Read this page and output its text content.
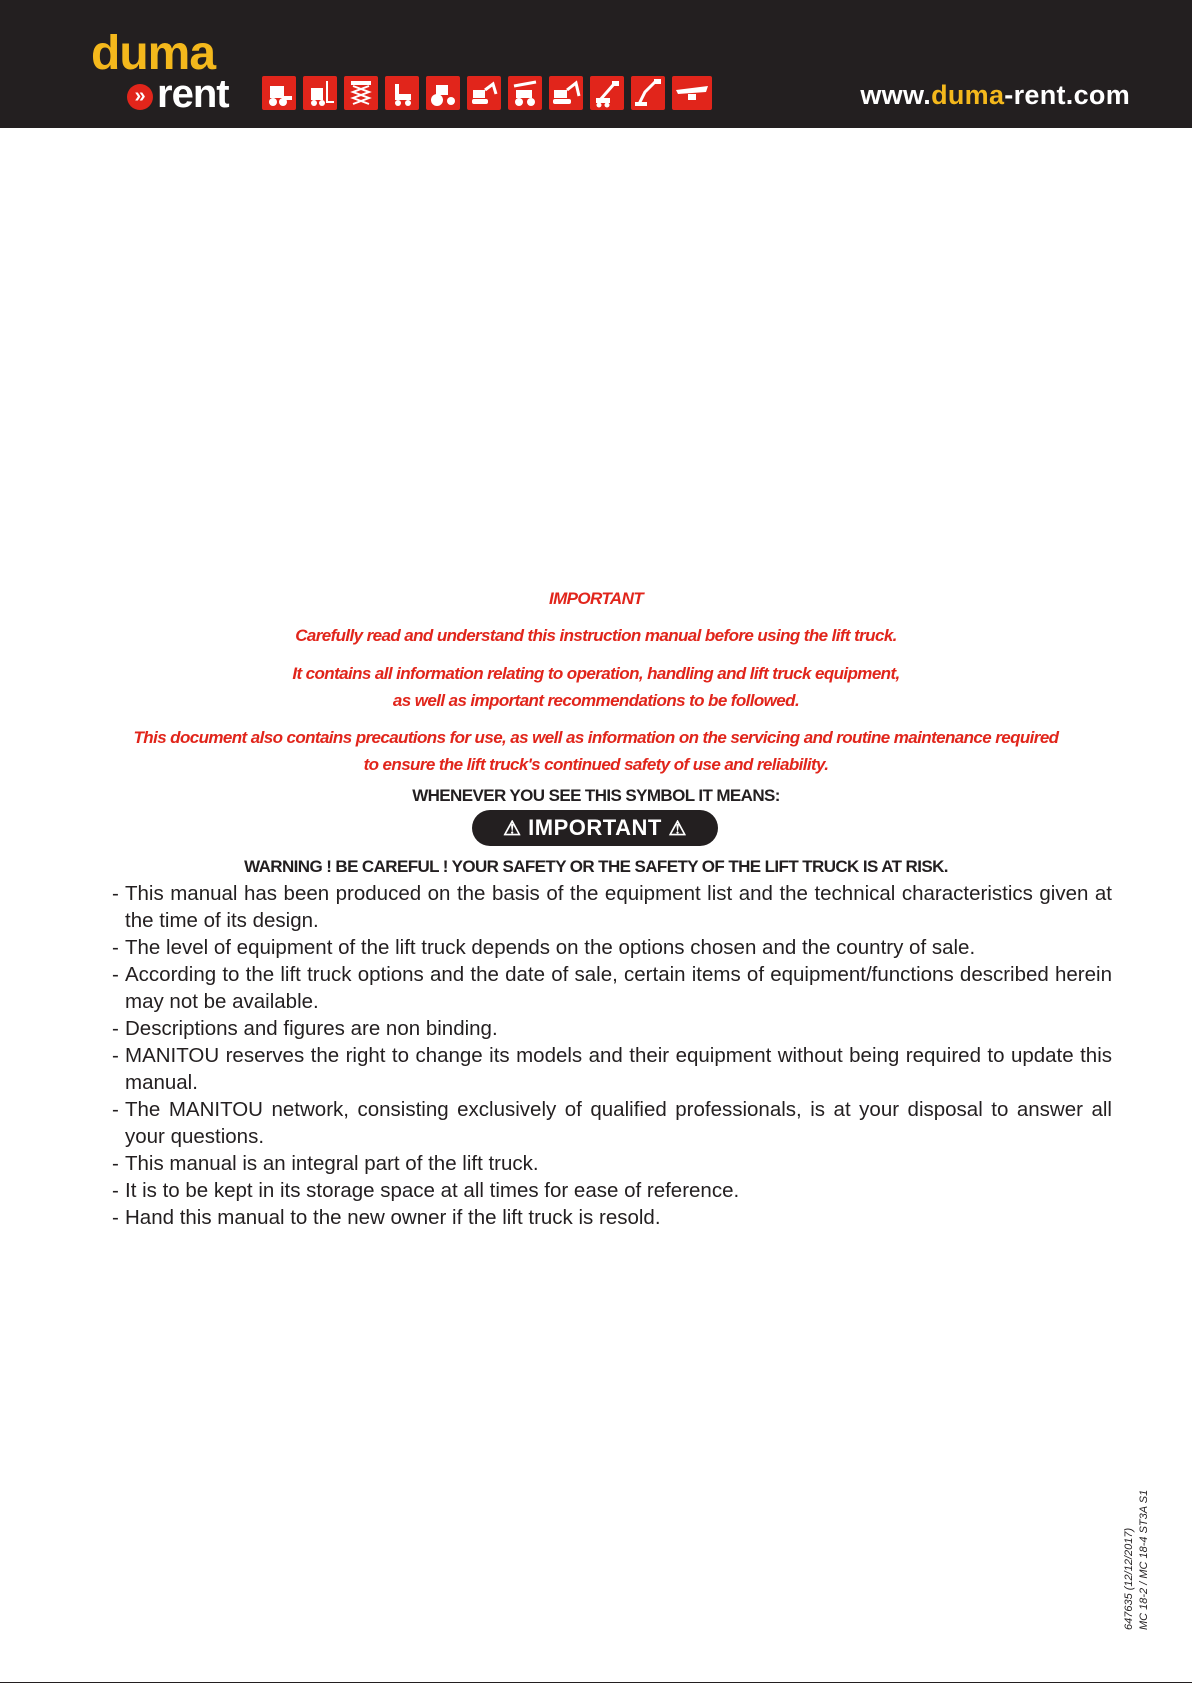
duma
» rent	www.duma-rent.com
IMPORTANT
Carefully read and understand this instruction manual before using the lift truck.
It contains all information relating to operation, handling and lift truck equipment,
as well as important recommendations to be followed.
This document also contains precautions for use, as well as information on the servicing and routine maintenance required
to ensure the lift truck's continued safety of use and reliability.
WHENEVER YOU SEE THIS SYMBOL IT MEANS:
⚠ IMPORTANT ⚠
WARNING ! BE CAREFUL ! YOUR SAFETY OR THE SAFETY OF THE LIFT TRUCK IS AT RISK.
- This manual has been produced on the basis of the equipment list and the technical characteristics given at the time of its design.
- The level of equipment of the lift truck depends on the options chosen and the country of sale.
- According to the lift truck options and the date of sale, certain items of equipment/functions described herein may not be available.
- Descriptions and figures are non binding.
- MANITOU reserves the right to change its models and their equipment without being required to update this manual.
- The MANITOU network, consisting exclusively of qualified professionals, is at your disposal to answer all your questions.
- This manual is an integral part of the lift truck.
- It is to be kept in its storage space at all times for ease of reference.
- Hand this manual to the new owner if the lift truck is resold.
647635 (12/12/2017) MC 18-2 / MC 18-4 ST3A S1
